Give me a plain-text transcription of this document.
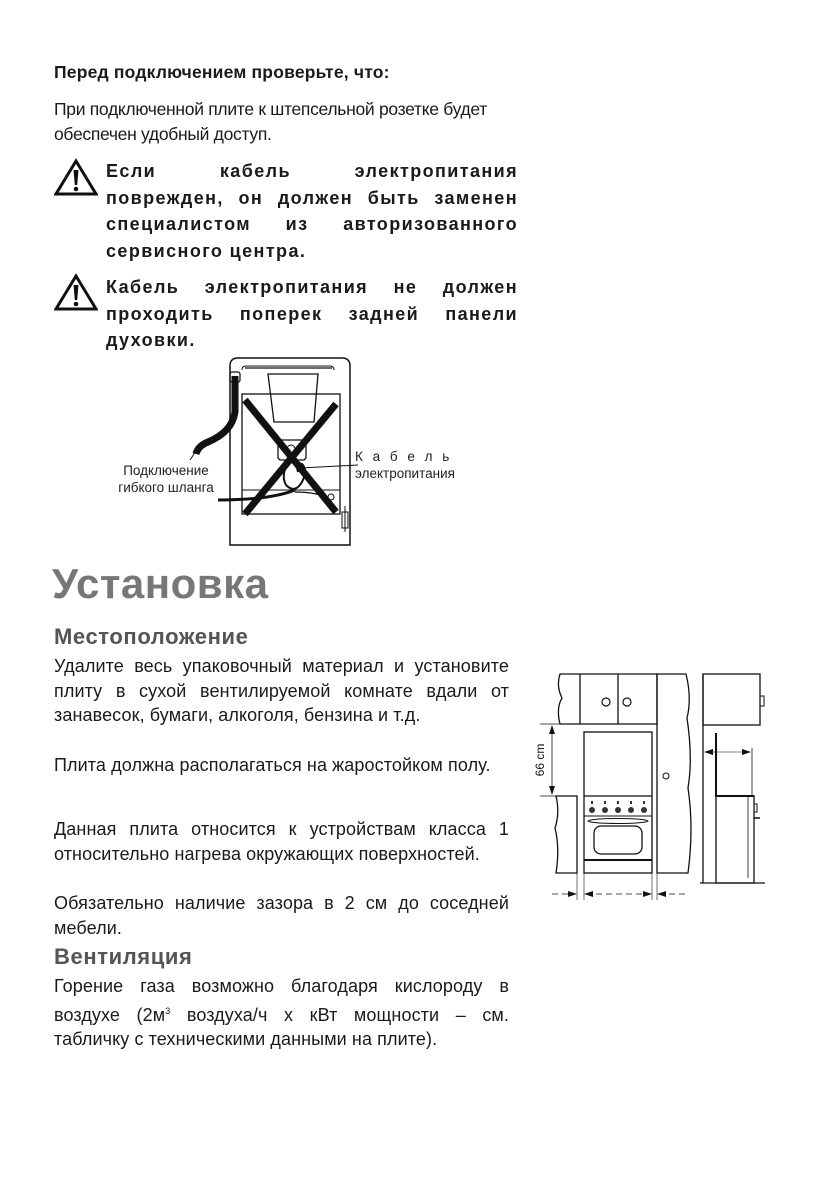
Перед подключением проверьте, что:
При подключенной плите к штепсельной розетке будет обеспечен удобный доступ.
Если кабель электропитания поврежден, он должен быть заменен специалистом из авторизованного сервисного центра.
Кабель электропитания не должен проходить поперек задней панели духовки.
Подключение
гибкого шланга
К а б е л ь
электропитания
Установка
Местоположение
Удалите весь упаковочный материал и установите плиту в сухой вентилируемой комнате вдали от занавесок, бумаги, алкоголя, бензина и т.д.
Плита должна располагаться на жаростойком полу.
Данная плита относится к устройствам класса 1 относительно нагрева окружающих поверхностей.
Обязательно наличие зазора в 2 см до соседней мебели.
Вентиляция
Горение газа возможно благодаря кислороду в воздухе ($2м^3$ воздуха/ч х кВт мощности – см. табличку с техническими данными на плите).
66 cm
